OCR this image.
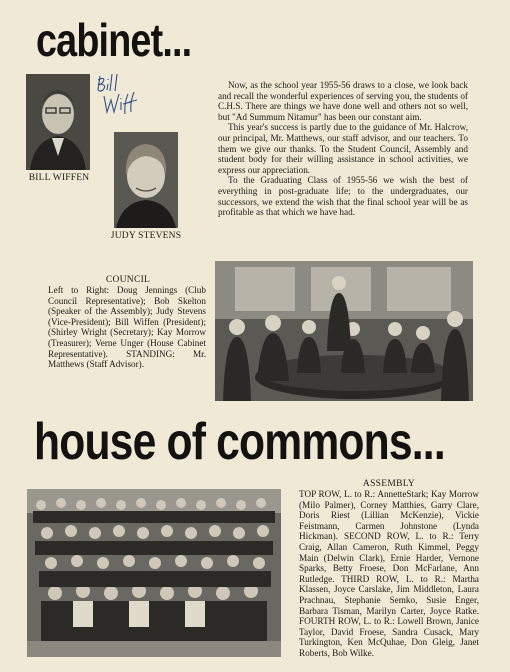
cabinet...
BILL WIFFEN
JUDY STEVENS

Now, as the school year 1955-56 draws to a close, we look back and recall the wonderful experiences of serving you, the students of C.H.S. There are things we have done well and others not so well, but "Ad Summum Nitamur" has been our constant aim.

This year's success is partly due to the guidance of Mr. Halcrow, our principal, Mr. Matthews, our staff advisor, and our teachers. To them we give our thanks. To the Student Council, Assembly and student body for their willing assistance in school activities, we express our appreciation.

To the Graduating Class of 1955-56 we wish the best of everything in post-graduate life; to the undergraduates, our successors, we extend the wish that the final school year will be as profitable as that which we have had.

COUNCIL
Left to Right: Doug Jennings (Club Council Representative); Bob Skelton (Speaker of the Assembly); Judy Stevens (Vice-President); Bill Wiffen (President); (Shirley Wright (Secretary); Kay Morrow (Treasurer); Verne Unger (House Cabinet Representative). STANDING: Mr. Matthews (Staff Advisor).
house of commons...
ASSEMBLY
TOP ROW, L. to R.: AnnetteStark; Kay Morrow (Milo Palmer), Corney Matthies, Garry Clare, Doris Riest (Lillian McKenzie), Vickie Feistmann, Carmen Johnstone (Lynda Hickman). SECOND ROW, L. to R.: Terry Craig, Allan Cameron, Ruth Kimmel, Peggy Main (Delwin Clark), Ernie Harder, Vernone Sparks, Betty Froese, Don McFarlane, Ann Rutledge. THIRD ROW, L. to R.: Martha Klassen, Joyce Carslake, Jim Middleton, Laura Prachnau, Stephanie Semko, Susie Enger, Barbara Tisman, Marilyn Carter, Joyce Ratke. FOURTH ROW, L. to R.: Lowell Brown, Janice Taylor, David Froese, Sandra Cusack, Mary Turkington, Ken McQuhae, Don Gleig, Janet Roberts, Bob Wilke.
